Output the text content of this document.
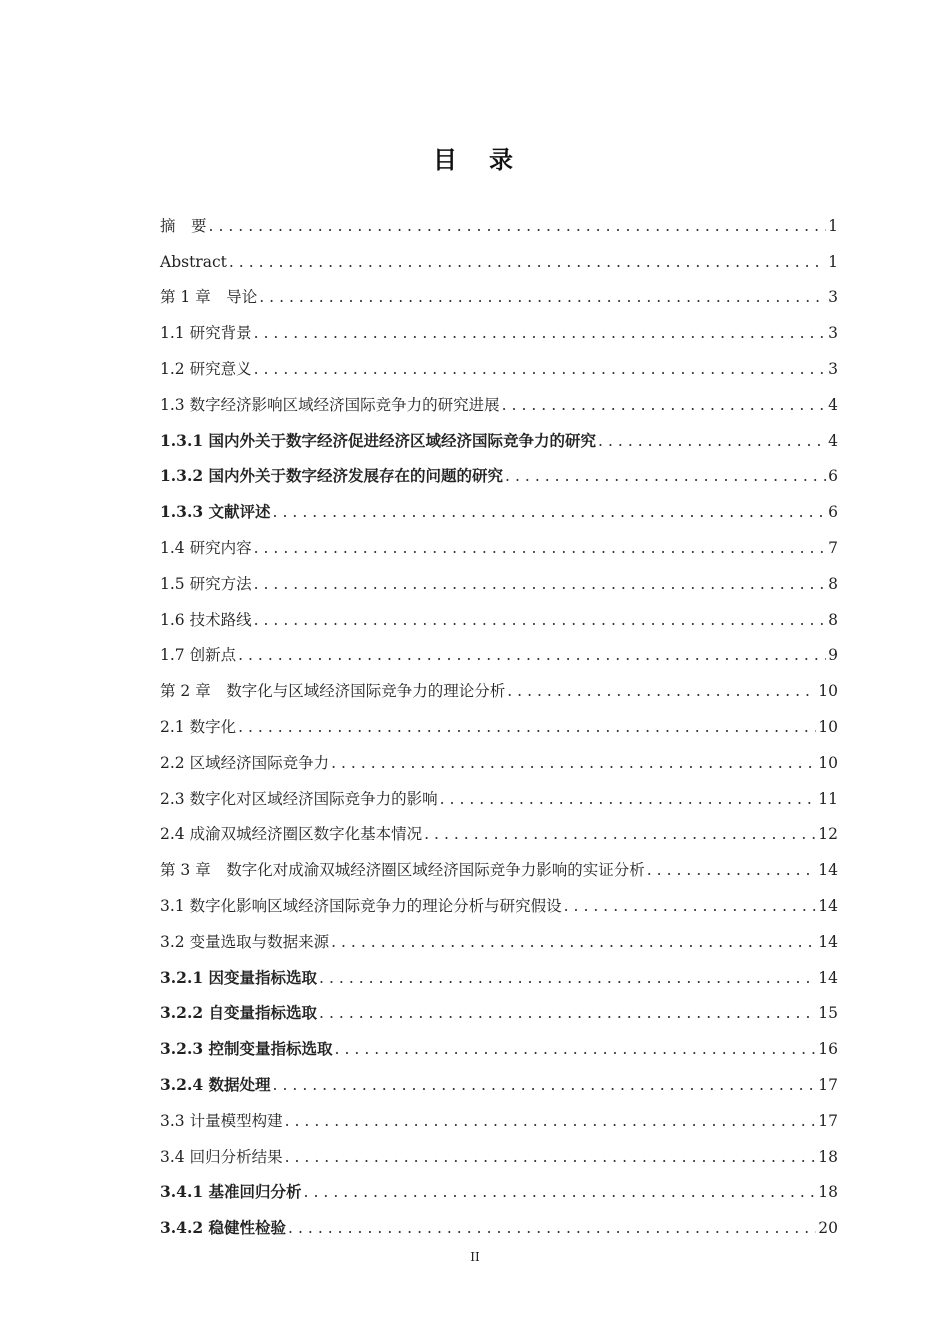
目　录
摘　要 .....	1
Abstract .....	1
第 1 章　导论 .....	3
1.1 研究背景 .....	3
1.2 研究意义 .....	3
1.3 数字经济影响区域经济国际竞争力的研究进展 .....	4
1.3.1 国内外关于数字经济促进经济区域经济国际竞争力的研究 .....	4
1.3.2 国内外关于数字经济发展存在的问题的研究 .....	6
1.3.3 文献评述 .....	6
1.4 研究内容 .....	7
1.5 研究方法 .....	8
1.6 技术路线 .....	8
1.7 创新点 .....	9
第 2 章　数字化与区域经济国际竞争力的理论分析 .....	10
2.1 数字化 .....	10
2.2 区域经济国际竞争力 .....	10
2.3 数字化对区域经济国际竞争力的影响 .....	11
2.4 成渝双城经济圈区数字化基本情况 .....	12
第 3 章　数字化对成渝双城经济圈区域经济国际竞争力影响的实证分析 .....	14
3.1 数字化影响区域经济国际竞争力的理论分析与研究假设 .....	14
3.2 变量选取与数据来源 .....	14
3.2.1 因变量指标选取 .....	14
3.2.2 自变量指标选取 .....	15
3.2.3 控制变量指标选取 .....	16
3.2.4 数据处理 .....	17
3.3 计量模型构建 .....	17
3.4 回归分析结果 .....	18
3.4.1 基准回归分析 .....	18
3.4.2 稳健性检验 .....	20
II
